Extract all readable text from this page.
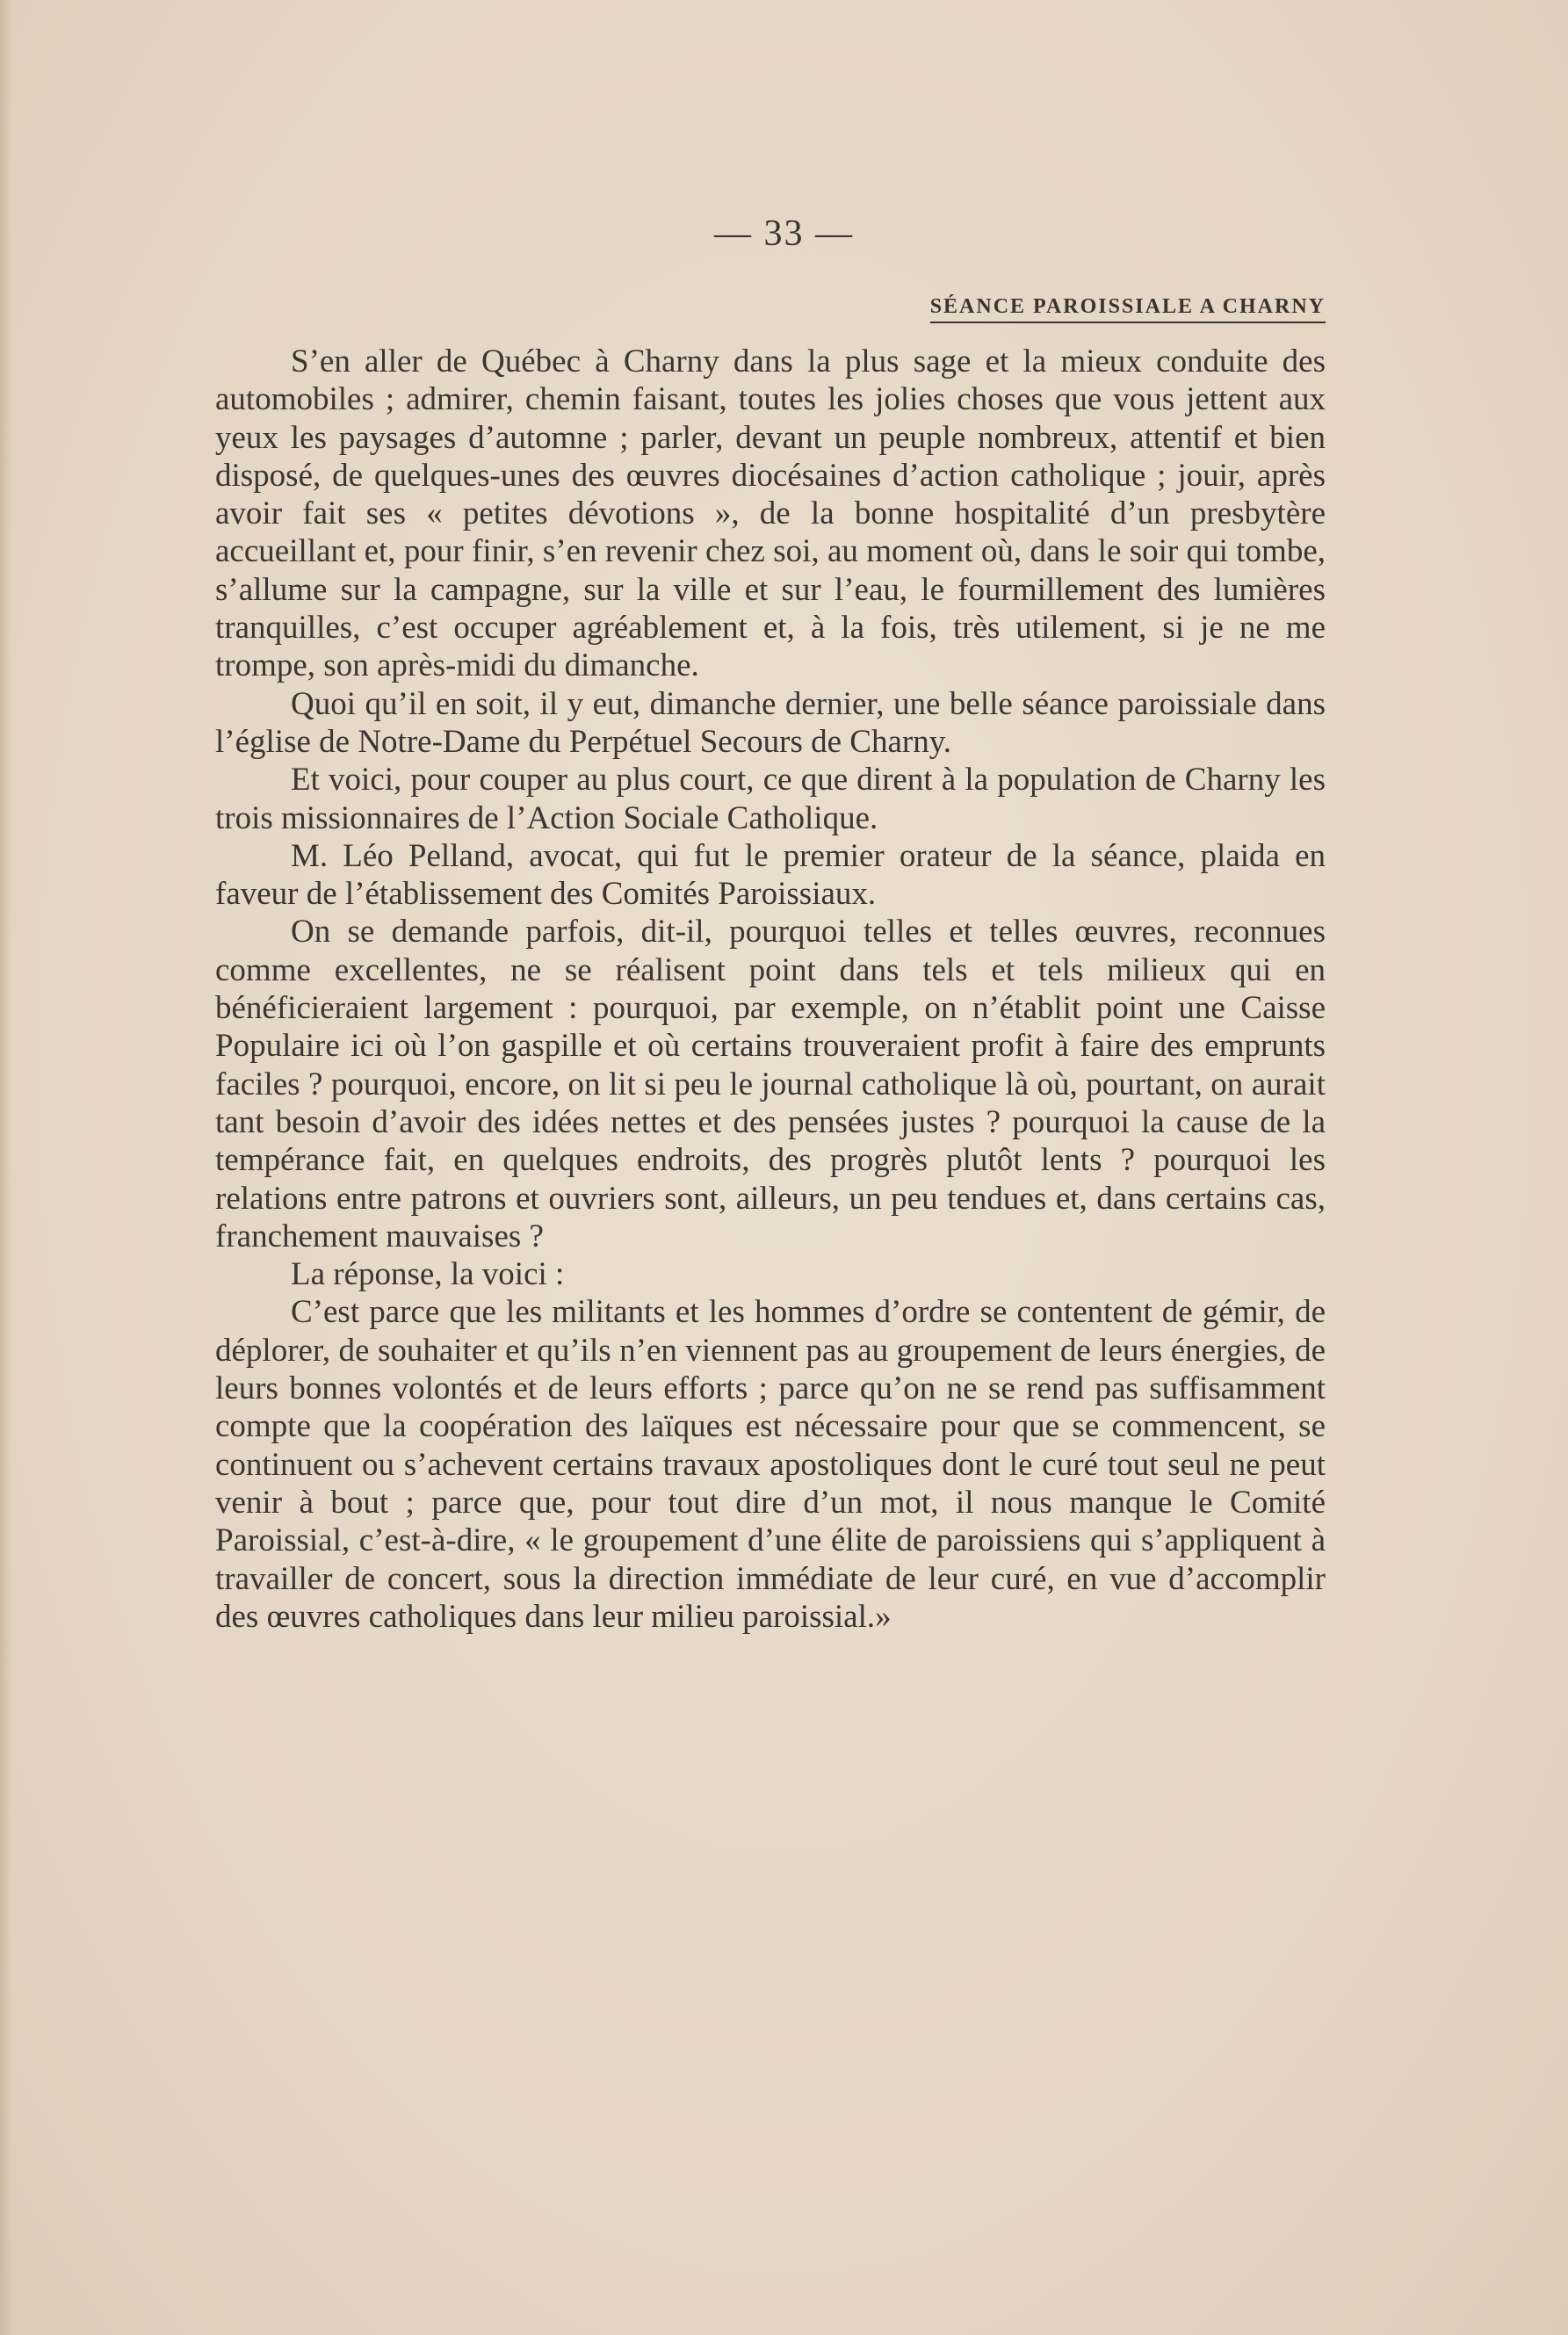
— 33 —
SÉANCE PAROISSIALE A CHARNY

S’en aller de Québec à Charny dans la plus sage et la mieux conduite des automobiles ; admirer, chemin faisant, toutes les jolies choses que vous jettent aux yeux les paysages d’automne ; parler, devant un peuple nombreux, attentif et bien disposé, de quelques-unes des œuvres diocésaines d’action catholique ; jouir, après avoir fait ses « petites dévotions », de la bonne hospitalité d’un presbytère accueillant et, pour finir, s’en revenir chez soi, au moment où, dans le soir qui tombe, s’allume sur la campagne, sur la ville et sur l’eau, le fourmillement des lumières tranquilles, c’est occuper agréablement et, à la fois, très utilement, si je ne me trompe, son après-midi du dimanche.

Quoi qu’il en soit, il y eut, dimanche dernier, une belle séance paroissiale dans l’église de Notre-Dame du Perpétuel Secours de Charny.

Et voici, pour couper au plus court, ce que dirent à la population de Charny les trois missionnaires de l’Action Sociale Catholique.

M. Léo Pelland, avocat, qui fut le premier orateur de la séance, plaida en faveur de l’établissement des Comités Paroissiaux.

On se demande parfois, dit-il, pourquoi telles et telles œuvres, reconnues comme excellentes, ne se réalisent point dans tels et tels milieux qui en bénéficieraient largement : pourquoi, par exemple, on n’établit point une Caisse Populaire ici où l’on gaspille et où certains trouveraient profit à faire des emprunts faciles ? pourquoi, encore, on lit si peu le journal catholique là où, pourtant, on aurait tant besoin d’avoir des idées nettes et des pensées justes ? pourquoi la cause de la tempérance fait, en quelques endroits, des progrès plutôt lents ? pourquoi les relations entre patrons et ouvriers sont, ailleurs, un peu tendues et, dans certains cas, franchement mauvaises ?

La réponse, la voici :

C’est parce que les militants et les hommes d’ordre se contentent de gémir, de déplorer, de souhaiter et qu’ils n’en viennent pas au groupement de leurs énergies, de leurs bonnes volontés et de leurs efforts ; parce qu’on ne se rend pas suffisamment compte que la coopération des laïques est nécessaire pour que se commencent, se continuent ou s’achevent certains travaux apostoliques dont le curé tout seul ne peut venir à bout ; parce que, pour tout dire d’un mot, il nous manque le Comité Paroissial, c’est-à-dire, « le groupement d’une élite de paroissiens qui s’appliquent à travailler de concert, sous la direction immédiate de leur curé, en vue d’accomplir des œuvres catholiques dans leur milieu paroissial.»
